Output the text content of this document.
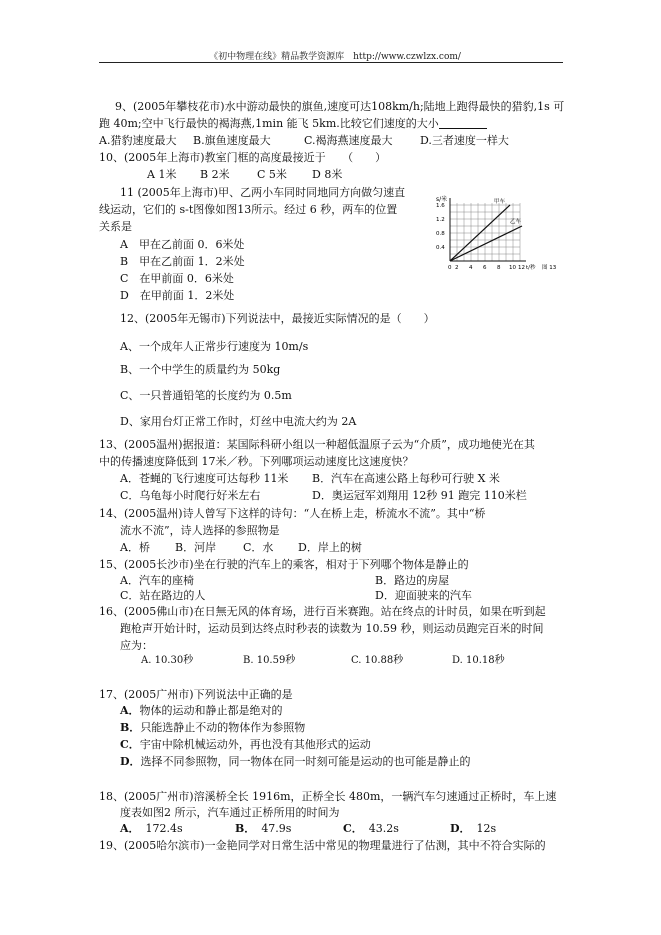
《初中物理在线》精品教学资源库　http://www.czwlzx.com/
9、(2005年攀枝花市)水中游动最快的旗鱼,速度可达108km/h;陆地上跑得最快的猎豹,1s 可
跑 40m;空中飞行最快的褐海燕,1min 能飞 5km.比较它们速度的大小
A.猎豹速度最大 B.旗鱼速度最大	C.褐海燕速度最大 D.三者速度一样大
10、(2005年上海市)教室门框的高度最接近于　　（　　）
A 1米 B 2米 C 5米 D 8米
11 (2005年上海市)甲、乙两小车同时同地同方向做匀速直
线运动，它们的 s-t图像如图13所示。经过 6 秒，两车的位置
关系是
A　甲在乙前面 0．6米处
B　甲在乙前面 1．2米处
C　在甲前面 0．6米处
D　在甲前面 1．2米处
s/米	甲车
乙车
1.6
1.2
0.8
0.4
0 2 4 6 8 10 12 t/秒 图 13
12、(2005年无锡市)下列说法中，最接近实际情况的是（　　）
A、一个成年人正常步行速度为 10m/s
B、一个中学生的质量约为 50kg
C、一只普通铅笔的长度约为 0.5m
D、家用台灯正常工作时，灯丝中电流大约为 2A
13、(2005温州)据报道：某国际科研小组以一种超低温原子云为“介质”，成功地使光在其
中的传播速度降低到 17米／秒。下列哪项运动速度比这速度快？
A．苍蝇的飞行速度可达每秒 11米 B．汽车在高速公路上每秒可行驶 X 米
C．乌龟每小时爬行好米左右	D．奥运冠军刘翔用 12秒 91 跑完 110米栏
14、(2005温州)诗人曾写下这样的诗句：“人在桥上走，桥流水不流”。其中“桥
流水不流”，诗人选择的参照物是
A．桥 B．河岸 C．水 D．岸上的树
15、(2005长沙市)坐在行驶的汽车上的乘客，相对于下列哪个物体是静止的
A．汽车的座椅	B．路边的房屋
C．站在路边的人	D．迎面驶来的汽车
16、(2005佛山市)在日無无风的体育场，进行百米赛跑。站在终点的计时员，如果在听到起
跑枪声开始计时，运动员到达终点时秒表的读数为 10.59 秒，则运动员跑完百米的时间
应为：
A. 10.30秒	B. 10.59秒	C. 10.88秒	D. 10.18秒
17、(2005广州市)下列说法中正确的是
A．物体的运动和静止都是绝对的
B．只能选静止不动的物体作为参照物
C．宇宙中除机械运动外，再也没有其他形式的运动
D．选择不同参照物，同一物体在同一时刻可能是运动的也可能是静止的
18、(2005广州市)溶溪桥全长 1916m，正桥全长 480m，一辆汽车匀速通过正桥时，车上速
度表如图2 所示，汽车通过正桥所用的时间为
A． 172.4s	B． 47.9s	C． 43.2s	D． 12s
19、(2005哈尔滨市)一金艳同学对日常生活中常见的物理量进行了估测，其中不符合实际的
